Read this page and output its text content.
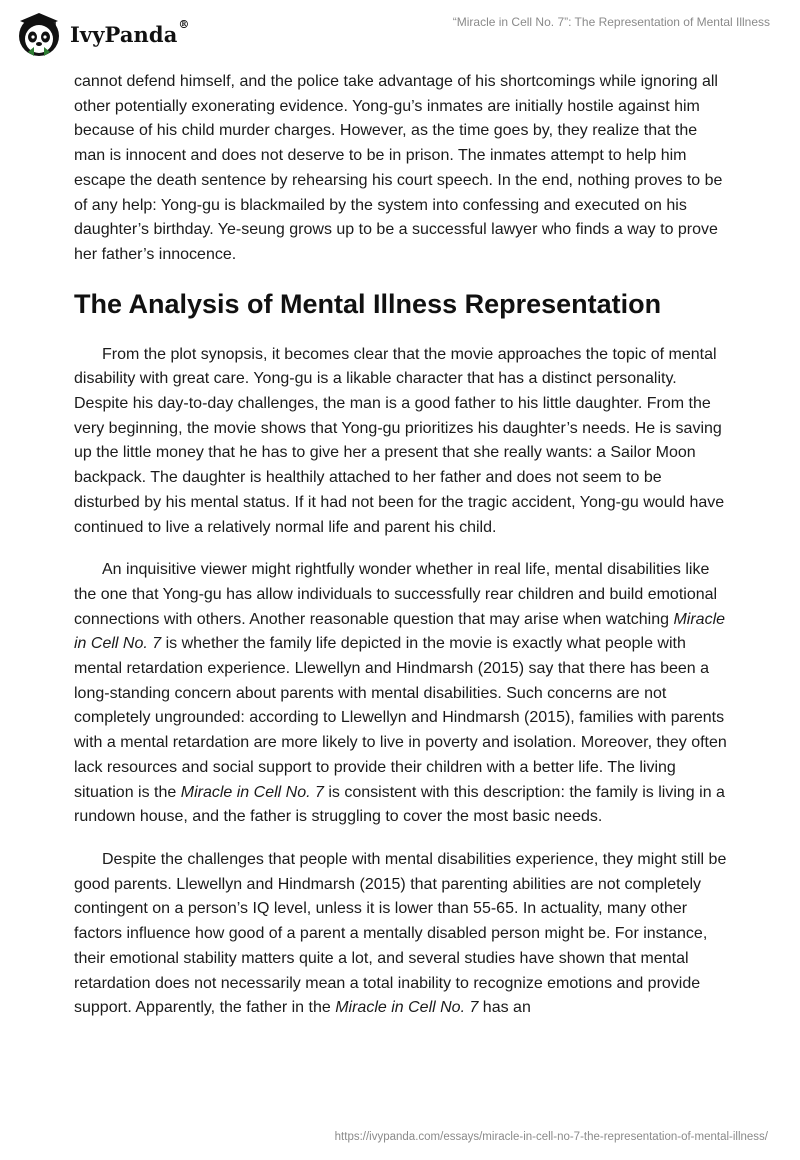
IvyPanda®	“Miracle in Cell No. 7”: The Representation of Mental Illness

cannot defend himself, and the police take advantage of his shortcomings while ignoring all other potentially exonerating evidence. Yong-gu’s inmates are initially hostile against him because of his child murder charges. However, as the time goes by, they realize that the man is innocent and does not deserve to be in prison. The inmates attempt to help him escape the death sentence by rehearsing his court speech. In the end, nothing proves to be of any help: Yong-gu is blackmailed by the system into confessing and executed on his daughter’s birthday. Ye-seung grows up to be a successful lawyer who finds a way to prove her father’s innocence.

The Analysis of Mental Illness Representation

From the plot synopsis, it becomes clear that the movie approaches the topic of mental disability with great care. Yong-gu is a likable character that has a distinct personality. Despite his day-to-day challenges, the man is a good father to his little daughter. From the very beginning, the movie shows that Yong-gu prioritizes his daughter’s needs. He is saving up the little money that he has to give her a present that she really wants: a Sailor Moon backpack. The daughter is healthily attached to her father and does not seem to be disturbed by his mental status. If it had not been for the tragic accident, Yong-gu would have continued to live a relatively normal life and parent his child.

An inquisitive viewer might rightfully wonder whether in real life, mental disabilities like the one that Yong-gu has allow individuals to successfully rear children and build emotional connections with others. Another reasonable question that may arise when watching Miracle in Cell No. 7 is whether the family life depicted in the movie is exactly what people with mental retardation experience. Llewellyn and Hindmarsh (2015) say that there has been a long-standing concern about parents with mental disabilities. Such concerns are not completely ungrounded: according to Llewellyn and Hindmarsh (2015), families with parents with a mental retardation are more likely to live in poverty and isolation. Moreover, they often lack resources and social support to provide their children with a better life. The living situation is the Miracle in Cell No. 7 is consistent with this description: the family is living in a rundown house, and the father is struggling to cover the most basic needs.

Despite the challenges that people with mental disabilities experience, they might still be good parents. Llewellyn and Hindmarsh (2015) that parenting abilities are not completely contingent on a person’s IQ level, unless it is lower than 55-65. In actuality, many other factors influence how good of a parent a mentally disabled person might be. For instance, their emotional stability matters quite a lot, and several studies have shown that mental retardation does not necessarily mean a total inability to recognize emotions and provide support. Apparently, the father in the Miracle in Cell No. 7 has an

https://ivypanda.com/essays/miracle-in-cell-no-7-the-representation-of-mental-illness/
